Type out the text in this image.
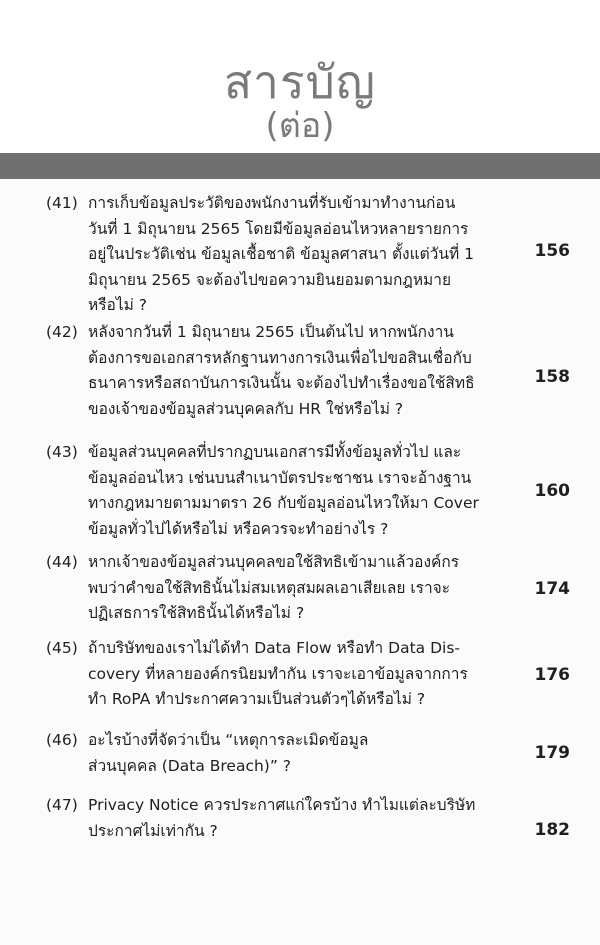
สารบัญ
(ต่อ)
(41) การเก็บข้อมูลประวัติของพนักงานที่รับเข้ามาทำงานก่อน
วันที่ 1 มิถุนายน 2565 โดยมีข้อมูลอ่อนไหวหลายรายการ
อยู่ในประวัติเช่น ข้อมูลเชื้อชาติ ข้อมูลศาสนา ตั้งแต่วันที่ 1
มิถุนายน 2565 จะต้องไปขอความยินยอมตามกฎหมาย
หรือไม่ ?
156
(42) หลังจากวันที่ 1 มิถุนายน 2565 เป็นต้นไป หากพนักงาน
ต้องการขอเอกสารหลักฐานทางการเงินเพื่อไปขอสินเชื่อกับ
ธนาคารหรือสถาบันการเงินนั้น จะต้องไปทำเรื่องขอใช้สิทธิ
ของเจ้าของข้อมูลส่วนบุคคลกับ HR ใช่หรือไม่ ?
158
(43) ข้อมูลส่วนบุคคลที่ปรากฏบนเอกสารมีทั้งข้อมูลทั่วไป และ
ข้อมูลอ่อนไหว เช่นบนสำเนาบัตรประชาชน เราจะอ้างฐาน
ทางกฎหมายตามมาตรา 26 กับข้อมูลอ่อนไหวให้มา Cover
ข้อมูลทั่วไปได้หรือไม่ หรือควรจะทำอย่างไร ?
160
(44) หากเจ้าของข้อมูลส่วนบุคคลขอใช้สิทธิเข้ามาแล้วองค์กร
พบว่าคำขอใช้สิทธินั้นไม่สมเหตุสมผลเอาเสียเลย เราจะ
ปฏิเสธการใช้สิทธินั้นได้หรือไม่ ?
174
(45) ถ้าบริษัทของเราไม่ได้ทำ Data Flow หรือทำ Data Dis-
covery ที่หลายองค์กรนิยมทำกัน เราจะเอาข้อมูลจากการ
ทำ RoPA ทำประกาศความเป็นส่วนตัวๆได้หรือไม่ ?
176
(46) อะไรบ้างที่จัดว่าเป็น “เหตุการละเมิดข้อมูล
ส่วนบุคคล (Data Breach)” ?
179
(47) Privacy Notice ควรประกาศแก่ใครบ้าง ทำไมแต่ละบริษัท
ประกาศไม่เท่ากัน ?	182
